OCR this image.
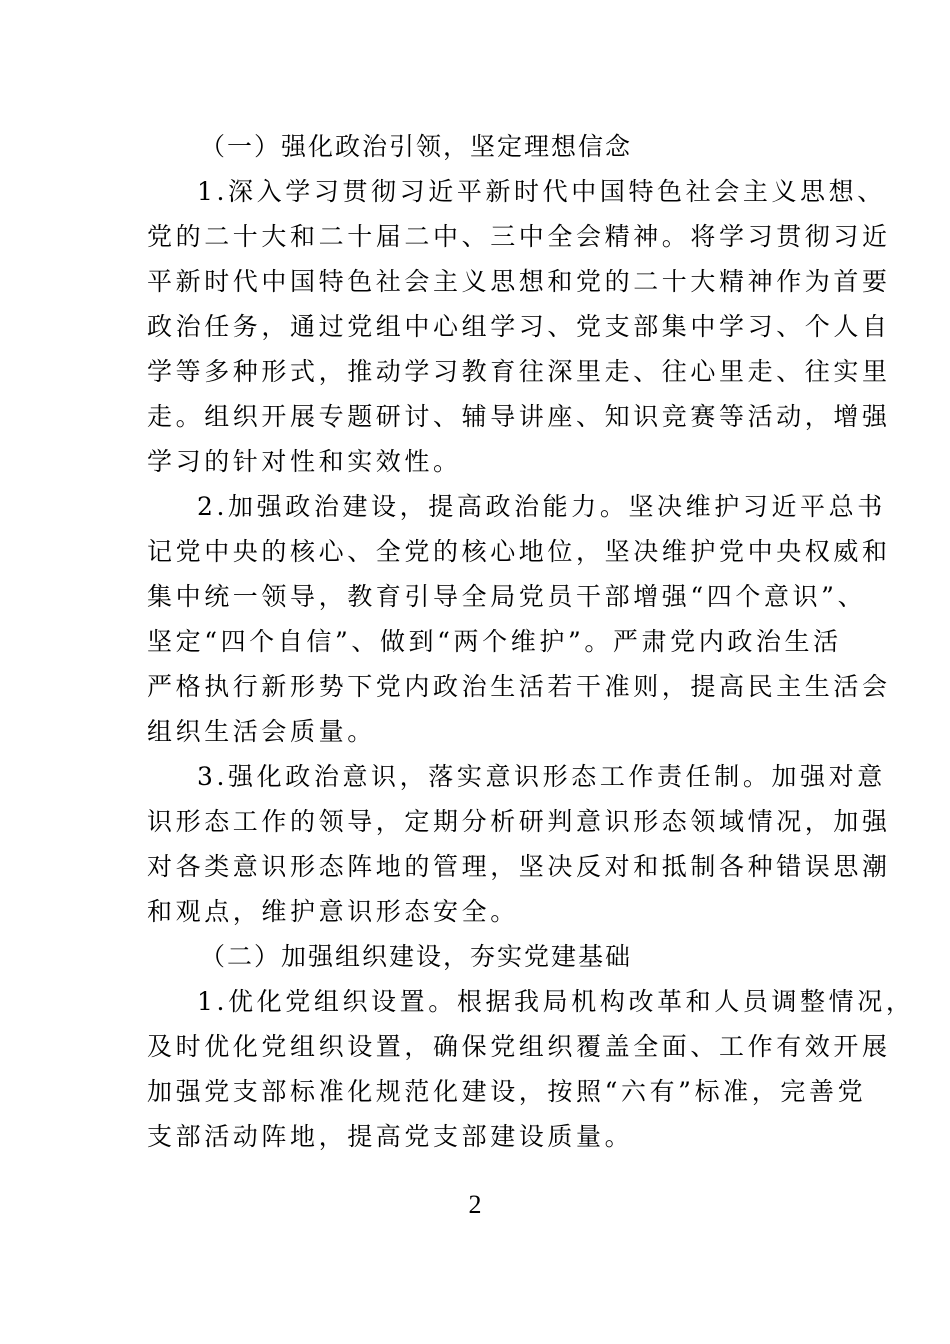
（一）强化政治引领，坚定理想信念
1.深入学习贯彻习近平新时代中国特色社会主义思想、
党的二十大和二十届二中、三中全会精神。将学习贯彻习近
平新时代中国特色社会主义思想和党的二十大精神作为首要
政治任务，通过党组中心组学习、党支部集中学习、个人自
学等多种形式，推动学习教育往深里走、往心里走、往实里
走。组织开展专题研讨、辅导讲座、知识竞赛等活动，增强
学习的针对性和实效性。
2.加强政治建设，提高政治能力。坚决维护习近平总书
记党中央的核心、全党的核心地位，坚决维护党中央权威和
集中统一领导，教育引导全局党员干部增强“四个意识”、
坚定“四个自信”、做到“两个维护”。严肃党内政治生活
严格执行新形势下党内政治生活若干准则，提高民主生活会
组织生活会质量。
3.强化政治意识，落实意识形态工作责任制。加强对意
识形态工作的领导，定期分析研判意识形态领域情况，加强
对各类意识形态阵地的管理，坚决反对和抵制各种错误思潮
和观点，维护意识形态安全。
（二）加强组织建设，夯实党建基础
1.优化党组织设置。根据我局机构改革和人员调整情况，
及时优化党组织设置，确保党组织覆盖全面、工作有效开展
加强党支部标准化规范化建设，按照“六有”标准，完善党
支部活动阵地，提高党支部建设质量。
2
